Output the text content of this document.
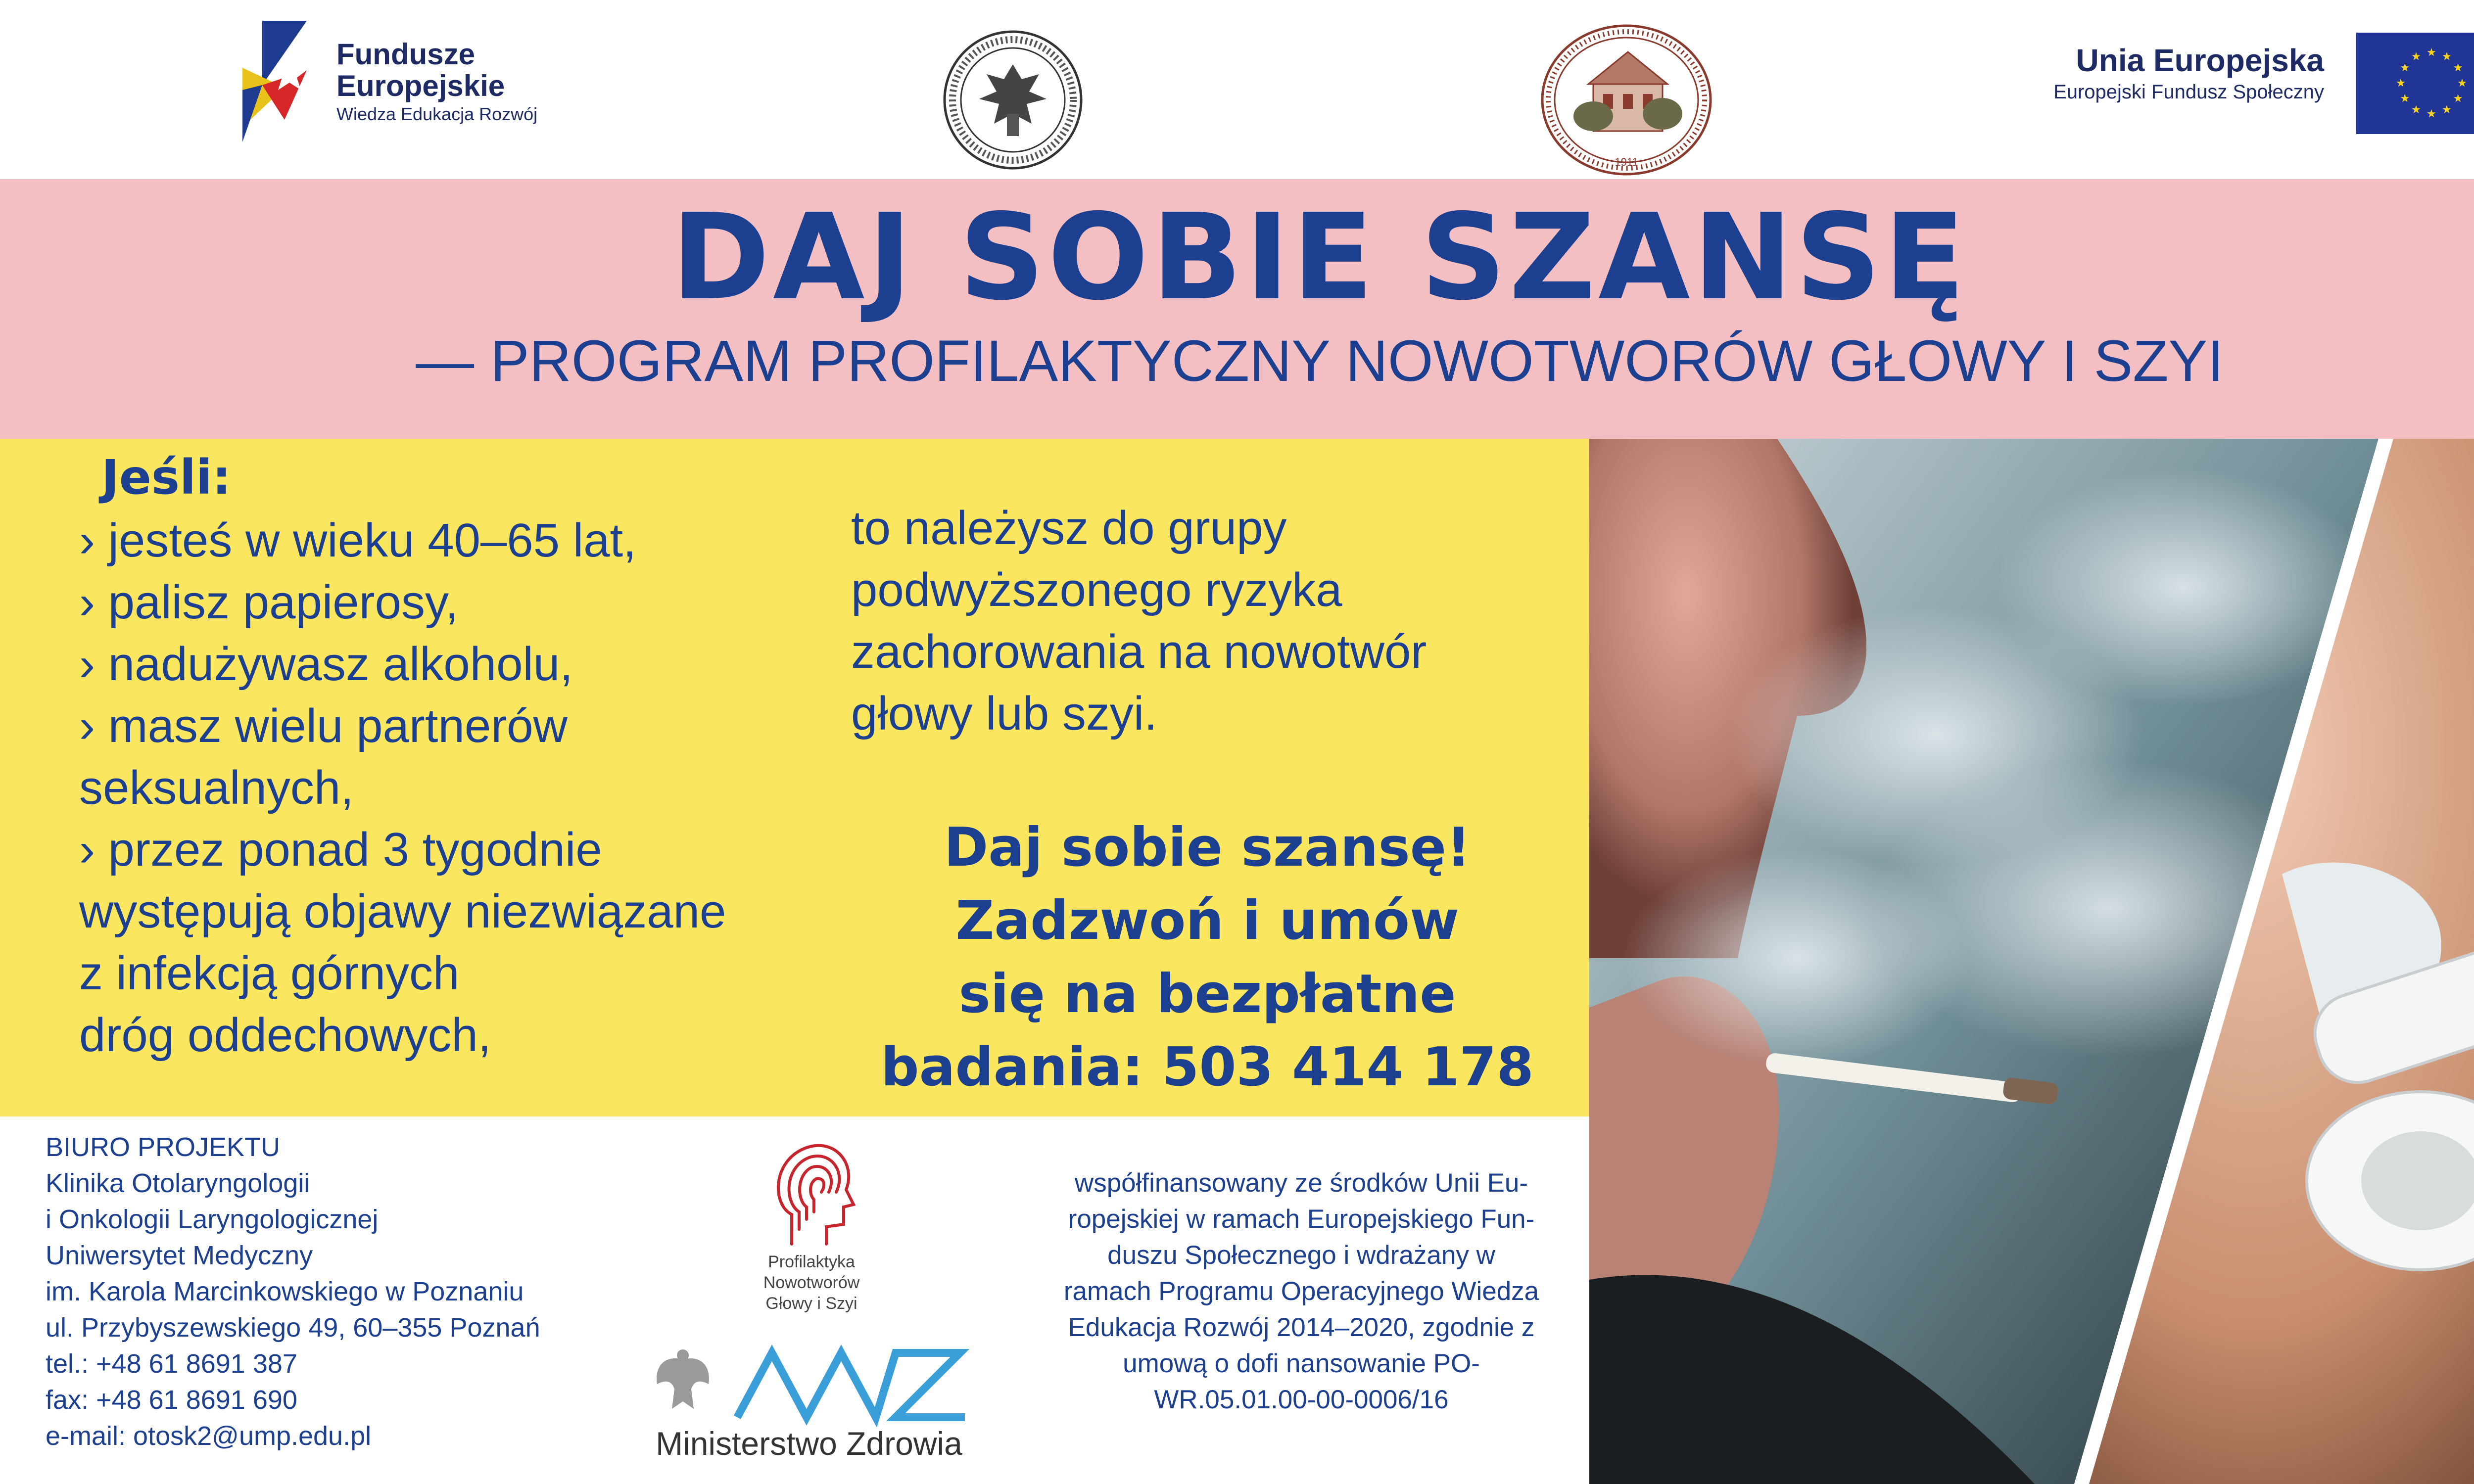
Fundusze
Europejskie
Wiedza Edukacja Rozwój
1911
Unia Europejska
Europejski Fundusz Społeczny
DAJ SOBIE SZANSĘ
— PROGRAM PROFILAKTYCZNY NOWOTWORÓW GŁOWY I SZYI
Jeśli:
› jesteś w wieku 40–65 lat,
› palisz papierosy,
› nadużywasz alkoholu,
› masz wielu partnerów
seksualnych,
› przez ponad 3 tygodnie
występują objawy niezwiązane
z infekcją górnych
dróg oddechowych,
to należysz do grupy
podwyższonego ryzyka
zachorowania na nowotwór
głowy lub szyi.
Daj sobie szansę!
Zadzwoń i umów
się na bezpłatne
badania: 503 414 178
BIURO PROJEKTU
Klinika Otolaryngologii
i Onkologii Laryngologicznej
Uniwersytet Medyczny
im. Karola Marcinkowskiego w Poznaniu
ul. Przybyszewskiego 49, 60–355 Poznań
tel.: +48 61 8691 387
fax: +48 61 8691 690
e-mail: otosk2@ump.edu.pl
Profilaktyka
Nowotworów
Głowy i Szyi
Ministerstwo Zdrowia
współfinansowany ze środków Unii Eu-
ropejskiej w ramach Europejskiego Fun-
duszu Społecznego i wdrażany w
ramach Programu Operacyjnego Wiedza
Edukacja Rozwój 2014–2020, zgodnie z
umową o dofi nansowanie PO-
WR.05.01.00-00-0006/16
